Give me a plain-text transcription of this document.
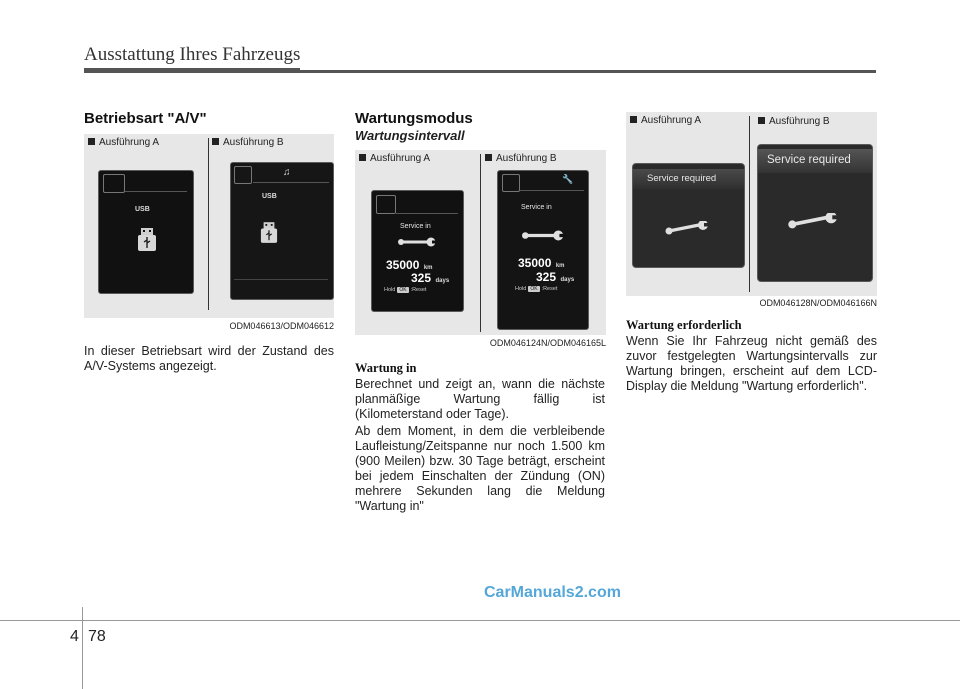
Ausstattung Ihres Fahrzeugs
Betriebsart "A/V"
Ausführung A	Ausführung B
USB
♫
USB
ODM046613/ODM046612
In dieser Betriebsart wird der Zustand des A/V-Systems angezeigt.
Wartungsmodus
Wartungsintervall
Ausführung A	Ausführung B
Service in
35000 km
325 days
Hold OK :Reset
🔧
Service in
35000 km
325 days
Hold OK :Reset
ODM046124N/ODM046165L
Wartung in
Berechnet und zeigt an, wann die nächste planmäßige Wartung fällig ist (Kilometerstand oder Tage).
Ab dem Moment, in dem die verbleibende Laufleistung/Zeitspanne nur noch 1.500 km (900 Meilen) bzw. 30 Tage beträgt, erscheint bei jedem Einschalten der Zündung (ON) mehrere Sekunden lang die Meldung "Wartung in"
Ausführung A	Ausführung B
Service required
Service required
ODM046128N/ODM046166N
Wartung erforderlich
Wenn Sie Ihr Fahrzeug nicht gemäß des zuvor festgelegten Wartungsintervalls zur Wartung bringen, erscheint auf dem LCD-Display die Meldung "Wartung erforderlich".
CarManuals2.com
4 78
